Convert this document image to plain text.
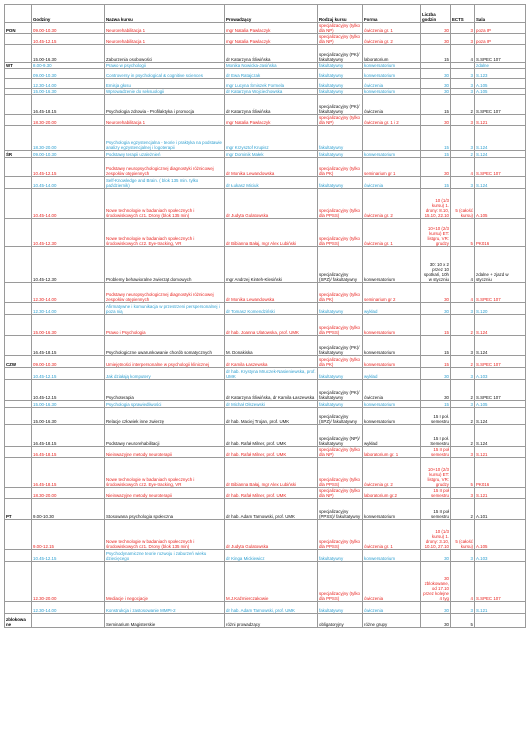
	Godziny	Nazwa kursu	Prowadzący	Rodzaj kursu	Forma	Liczba godzin	ECTS	Sala
PON	09.00-10.30	Neurorehabilitacja 1	mgr Natalia Pawlaczyk	specjalizacyjny (tylko dla NP)	ćwiczenia gr. 1	30	3	poza IP
	10.45-12.15	Neurorehabilitacja 1	mgr Natalia Pawlaczyk	specjalizacyjny (tylko dla NP)	ćwiczenia gr. 2	30	3	poza IP
	15.00-16.30	Zaburzenia osobowości	dr Katarzyna Śliwińska	specjalizacyjny (PK)/ fakultatywny	laboratorium	15	4	S.SPEC 107
WT	8.00-9.30	Prawo w psychologii	Monika Nowicka-Jasińska	fakultatywny	konwersatorium			zdalne
	09.00-10.30	Controversy in psychological & cognitive sciences	dr Ewa Ratajczak	fakultatywny	konwersatorium	30	3	S.123
	12.30-14.00	Emisja głosu	mgr Lucyna Śmiszek Formela	fakultatywny	ćwiczenia	30	3	A.105
	15.00-16.30	Wprowadzenie do seksuologii	dr Katarzyna Wojciechowska	fakultatywny	konwersatorium	30	3	A.105
	16.45-18.15	Psychologia zdrowia - Profilaktyka i promocja	dr Katarzyna Śliwińska	specjalizacyjny (PK)/ fakultatywny	ćwiczenia	15	2	S.SPEC 107
	18.30-20.00	Neurorehabilitacja 1	mgr Natalia Pawlaczyk	specjalizacyjny (tylko dla NP)	ćwiczenia gr. 1 i 2	30	3	S.121
	18.30-20.00	Psychologia egzystencjalna - teorie i praktyka na podstawie analizy egzystencjalnej i logoterapii	mgr Krzysztof Krupisz	fakultatywny		15	3	S.124
ŚR	09.00-10.30	Podstawy terapii uzależnień	mgr Dominik Małek	fakultatywny	konwersatorium	15	2	S.124
	10.45-12.15	Podstawy neuropsychologicznej diagnostyki różnicowej zespołów otępiennych	dr Monika Lewandowska	specjalizacyjny (tylko dla PK)	seminarium gr 1	30	4	S.SPEC 107
	10.45-14.00	Self-Knowledge and Brain. ( blok 135 min. tylko październik)	dr Łukasz Miciuk	fakultatywny	ćwiczenia	15	3	S.124
	10.45-14.00	Nowe technologie w badaniach społecznych i środowiskowych cz1. Drony (blok 135 min)	dr Judyta Gulatowska	specjalizacyjny (tylko dla PPSS)	ćwiczenia gr. 2	10 (1/3 kursu) 1. drony: 8.10, 15.10, 22.10	5 (całość kursu)	A.105
	10.45-12.30	Nowe technologie w badaniach społecznych i środowiskowych cz2. Eye-tracking, VR	dr Bibianna Bałaj, mgr Alex Lubiński	specjalizacyjny (tylko dla PPSS)	ćwiczenia gr. 1	10+10 (2/3 kursu) ET: listgru, VR: grudzy	5	PK016
	10.45-12.30	Problemy behawioralne zwierząt domowych	mgr Andrzej Kinteh-Klesiński	specjalizacyjny (SPZ)/ fakultatywny	konwersatorium	30: 10 x 2 przez 10 spotkań, 10h w styczniu	4	zdalne + zjazd w styczniu
	12.30-14.00	Podstawy neuropsychologicznej diagnostyki różnicowej zespołów otępiennych	dr Monika Lewandowska	specjalizacyjny (tylko dla PK)	seminarium gr 2	30	4	S.SPEC 107
	12.30-14.00	Afirmatywne i komunikacja w przestrzeni perspersonalnej i poza nią	dr Tomasz Komendziński	fakultatywny	wykład	30	3	S.120
	15.00-16.30	Prawo i Psychologia	dr hab. Joanna Ulatowska, prof. UMK	specjalizacyjny (tylko dla PPSS)	konwersatorium	15	2	S.124
	16.45-18.15	Psychologiczne uwarunkowanie chorób somatycznych	M. Donakiska	specjalizacyjny (PK)/ fakultatywny	konwersatorium	15	3	S.124
CZW	09.00-10.30	Umiejętności interpersonalne w psychologii klinicznej	dr Kamila Łaszewska	specjalizacyjny (tylko dla PK)	konwersatorium	15	2	S.SPEC 107
	10.45-12.15	Jak działają komputery	dr hab. Krystyna Mruczek-Nasieniewska, prof. UMK	fakultatywny	wykład	30	3	A.103
	10.45-12.15	Psychoterapia	dr Katarzyna Śliwińska, dr Kamila Łaszewska	specjalizacyjny (PK)/ fakultatywny	ćwiczenia	30	2	S.SPEC 107
	15.00-16.30	Psychologia sprawiedliwości	dr Michał Olszewski	fakultatywny	konwersatorium	15	3	A.105
	15.00-16.30	Relacje człowiek inne zwierzę	dr hab. Maciej Trojan, prof. UMK	specjalizacyjny (SPZ)/ fakultatywny	konwersatorium	15 I poł. semestru	2	S.124
	16.45-18.15	Podstawy neurorehabilitacji	dr hab. Rafał Milner, prof. UMK	specjalizacyjny (NP)/ fakultatywny	wykład	15 I poł. Semestru	2	S.124
	16.45-18.15	Nieinwazyjne metody neuroterapii	dr hab. Rafał Milner, prof. UMK	specjalizacyjny (tylko dla NP)	laboratorium gr. 1	15 II poł semestru	3	S.121
	16.45-18.15	Nowe technologie w badaniach społecznych i środowiskowych cz2. Eye-tracking, VR	dr Bibianna Bałaj, mgr Alex Lubiński	specjalizacyjny (tylko dla PPSS)	ćwiczenia gr. 2	10+10 (2/3 kursu) ET: listgru, VR: grudzy	5	PK016
	18.30-20.00	Nieinwazyjne metody neuroterapii	dr hab. Rafał Milner, prof. UMK	specjalizacyjny (tylko dla NP)	laboratorium gr.2	15 II poł semestru	3	S.121
PT	9.00-10.30	Stosowana psychologia społeczna	dr hab. Adam Tarnowski, prof. UMK	specjalizacyjny (PPSS)/ fakultatywny	konwersatorium	15 II poł semestru	2	A.101
	9.00-12.15	Nowe technologie w badaniach społecznych i środowiskowych cz1. Drony (blok 135 min)	dr Judyta Gulatowska	specjalizacyjny (tylko dla PPSS)	ćwiczenia gr. 1	10 (1/3 kursu) 1. drony: 3.10, 10.10, 27.10	5 (całość kursu)	A.105
	10.45-12.15	Psychodynamiczne teorie rozwoju i zaburzeń wieku dziecięcego	dr Kinga Mickiewicz	fakultatywny	konwersatorium	30	3	A.103
	12.30-20.00	Mediacje i negocjacje	M.J.Kaźmierczakowie	specjalizacyjny (tylko dla PPSS)	ćwiczenia	30 zblokowane, od 17.10 przez kolejne 4 tyg	4	S.SPEC 107
	12.30-14.00	Konstrukcja i zastosowanie MMPI-2	dr hab. Adam Tarnowski, prof. UMK	fakultatywny	ćwiczenia	30	3	S.121
zblokowa ne		Seminarium Magisterskie	różni prowadzący	obligatoryjny	różne grupy	30	5	
